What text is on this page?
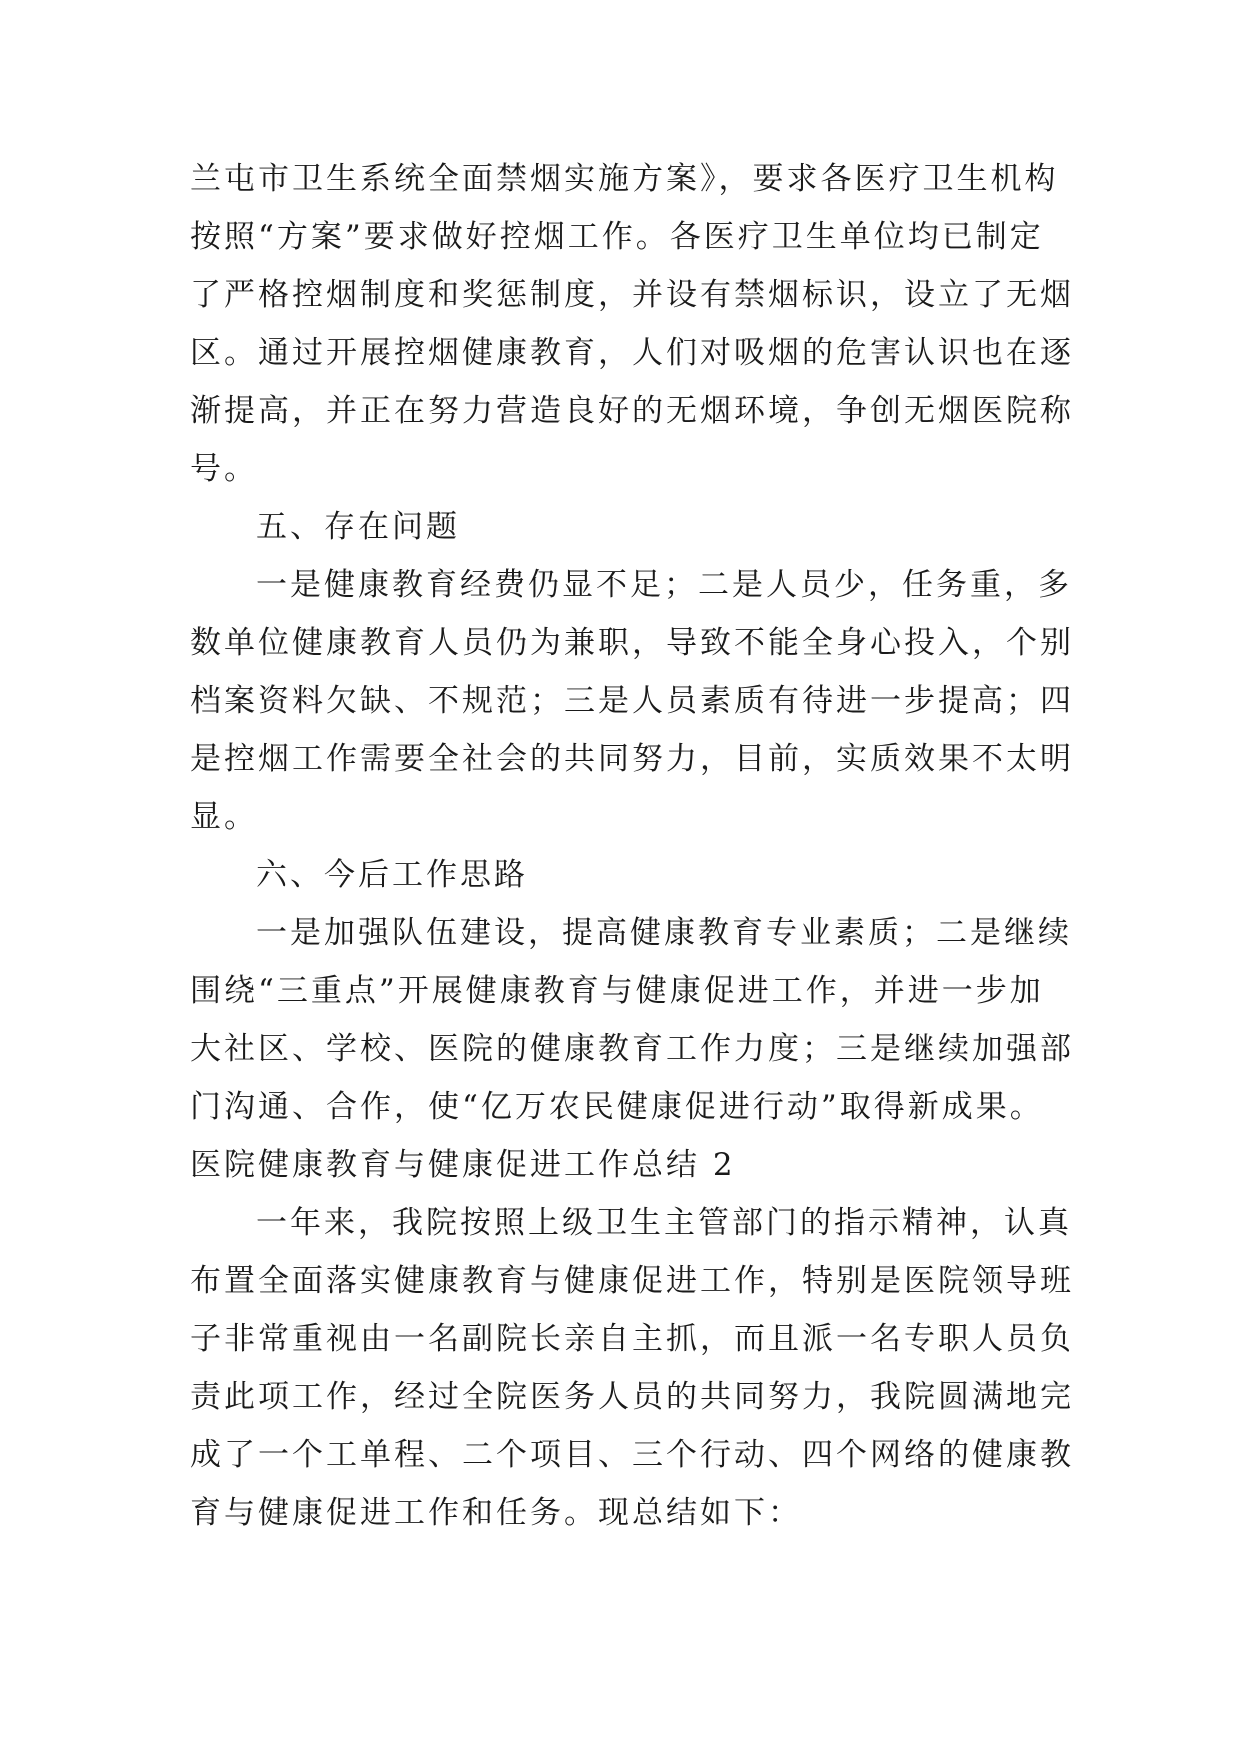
兰屯市卫生系统全面禁烟实施方案》，要求各医疗卫生机构
按照“方案”要求做好控烟工作。各医疗卫生单位均已制定
了严格控烟制度和奖惩制度，并设有禁烟标识，设立了无烟
区。通过开展控烟健康教育，人们对吸烟的危害认识也在逐
渐提高，并正在努力营造良好的无烟环境，争创无烟医院称
号。
五、存在问题
一是健康教育经费仍显不足；二是人员少，任务重，多
数单位健康教育人员仍为兼职，导致不能全身心投入，个别
档案资料欠缺、不规范；三是人员素质有待进一步提高；四
是控烟工作需要全社会的共同努力，目前，实质效果不太明
显。
六、今后工作思路
一是加强队伍建设，提高健康教育专业素质；二是继续
围绕“三重点”开展健康教育与健康促进工作，并进一步加
大社区、学校、医院的健康教育工作力度；三是继续加强部
门沟通、合作，使“亿万农民健康促进行动”取得新成果。
医院健康教育与健康促进工作总结 2
一年来，我院按照上级卫生主管部门的指示精神，认真
布置全面落实健康教育与健康促进工作，特别是医院领导班
子非常重视由一名副院长亲自主抓，而且派一名专职人员负
责此项工作，经过全院医务人员的共同努力，我院圆满地完
成了一个工单程、二个项目、三个行动、四个网络的健康教
育与健康促进工作和任务。现总结如下：
